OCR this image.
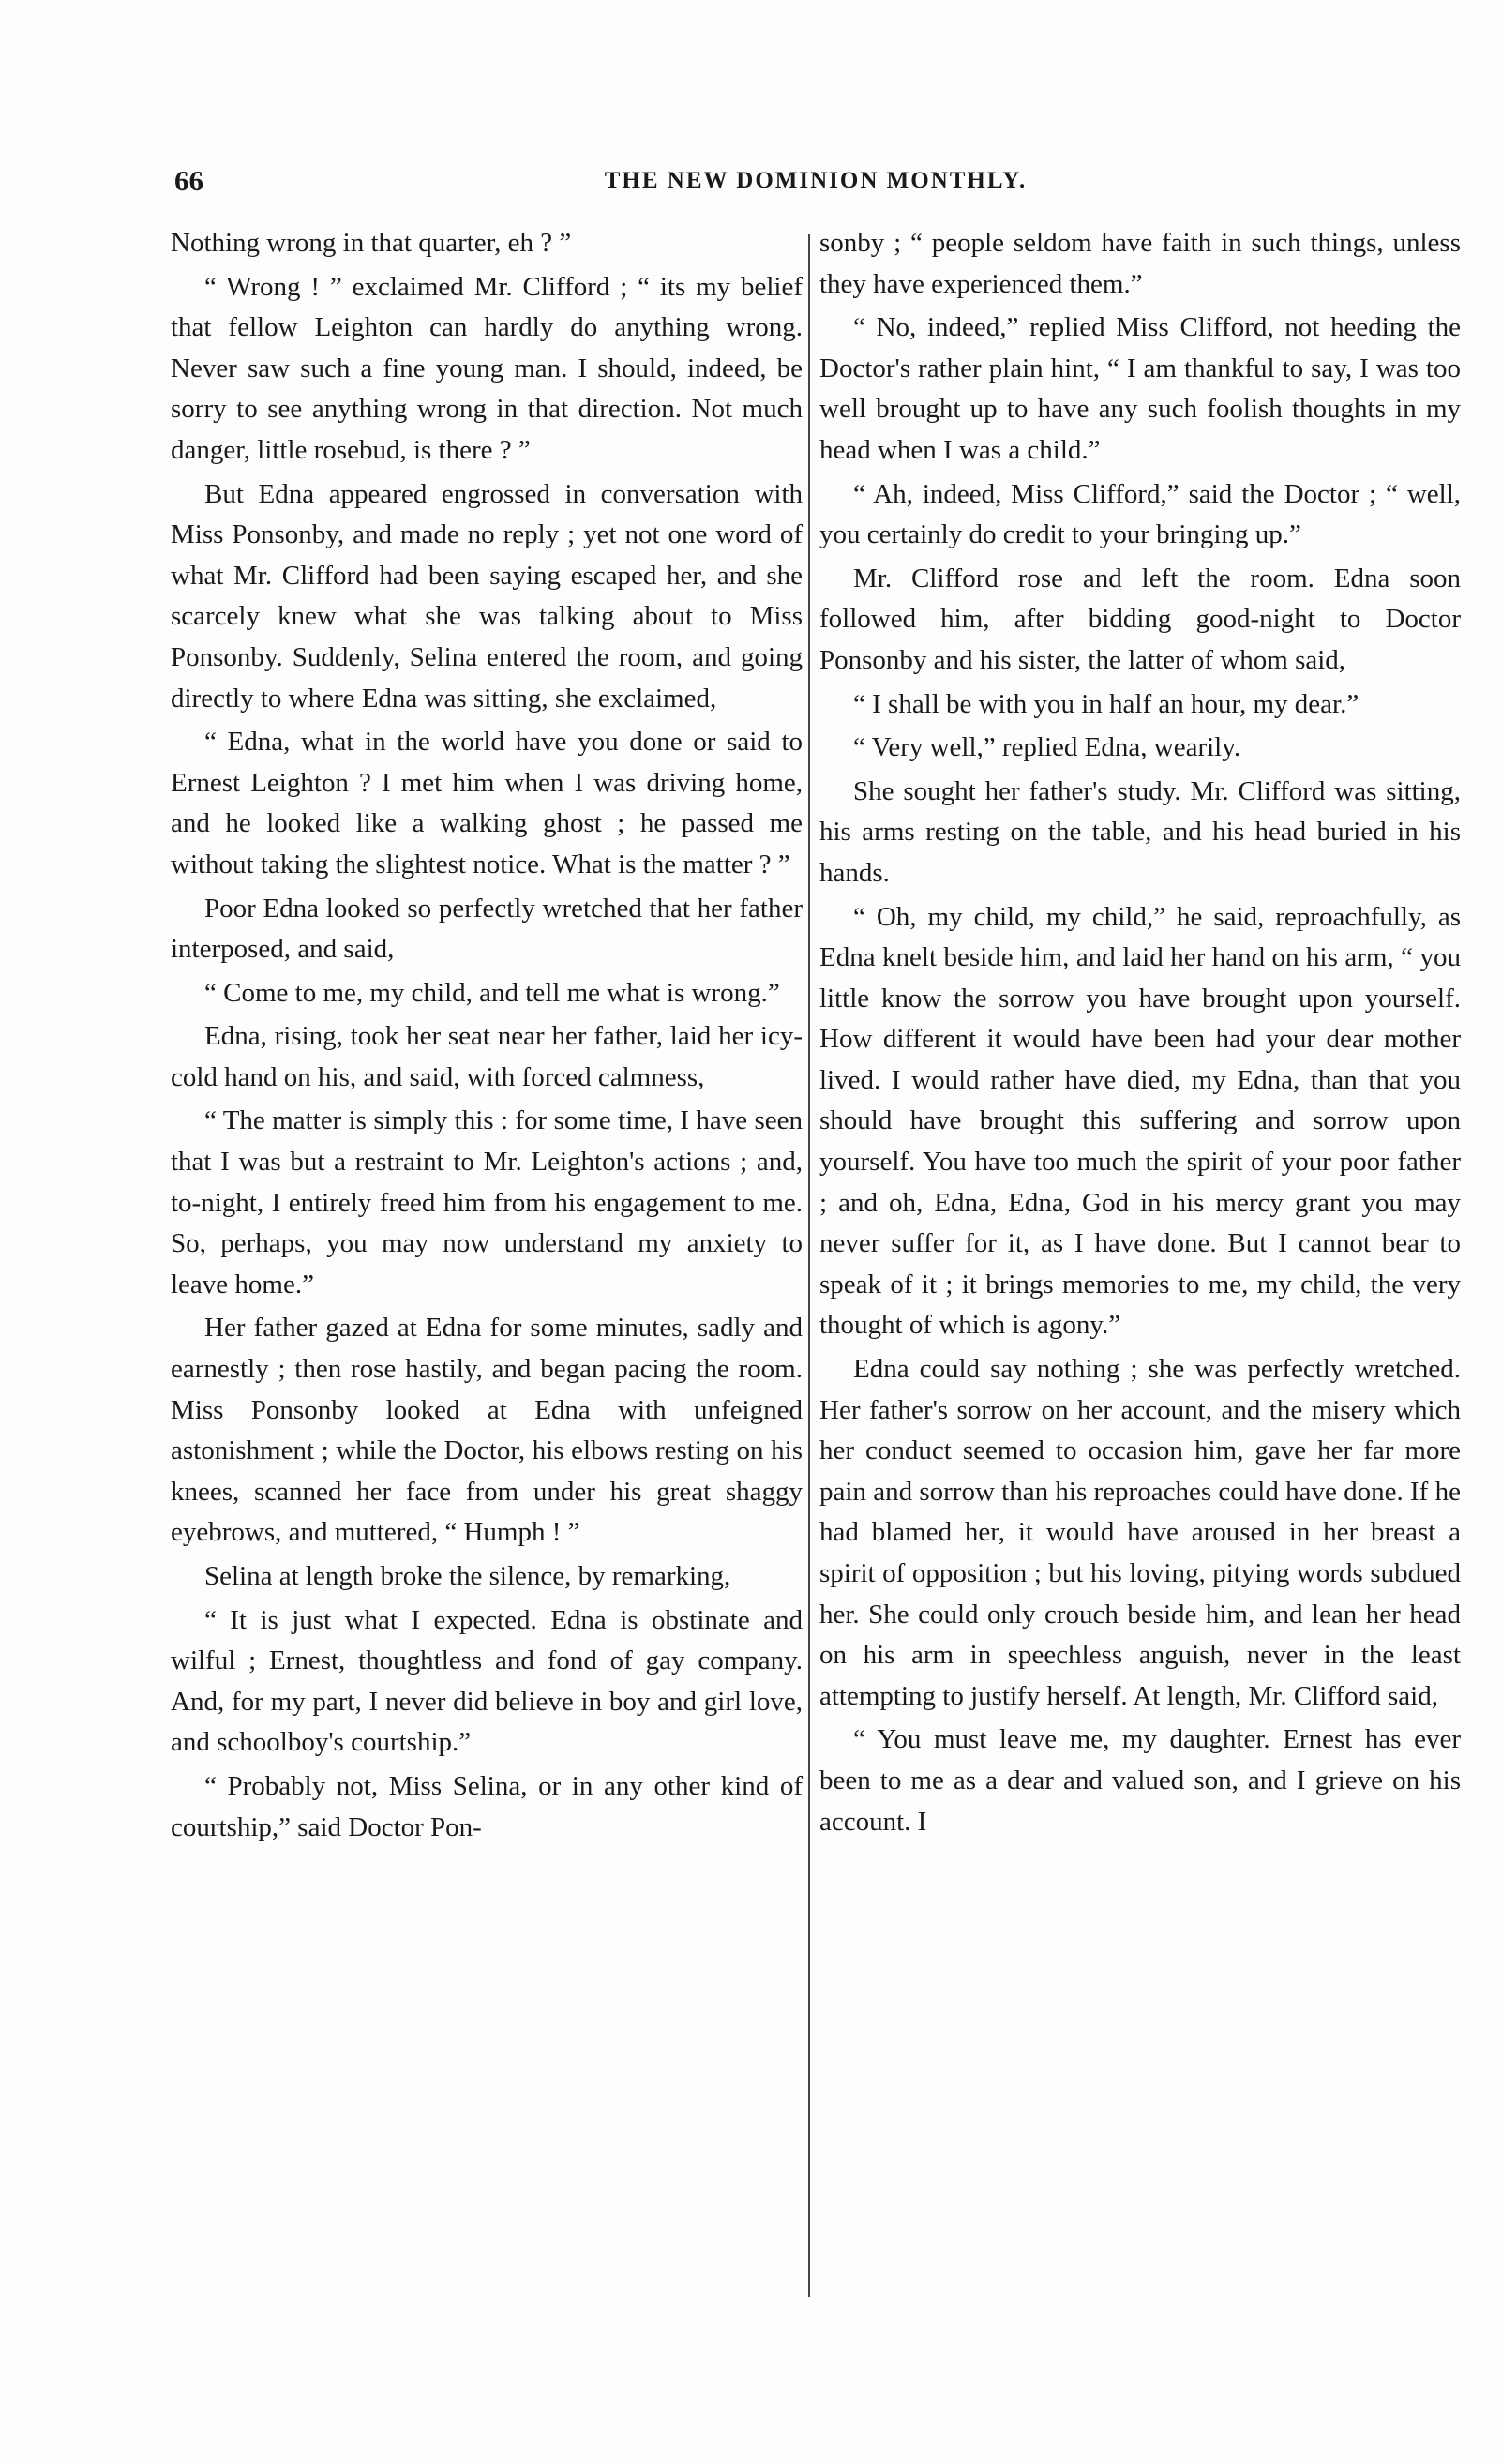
66	THE NEW DOMINION MONTHLY.

Nothing wrong in that quarter, eh ? ”

“ Wrong ! ” exclaimed Mr. Clifford ; “ its my belief that fellow Leighton can hardly do anything wrong. Never saw such a fine young man. I should, indeed, be sorry to see anything wrong in that direction. Not much danger, little rosebud, is there ? ”

But Edna appeared engrossed in conversation with Miss Ponsonby, and made no reply ; yet not one word of what Mr. Clifford had been saying escaped her, and she scarcely knew what she was talking about to Miss Ponsonby. Suddenly, Selina entered the room, and going directly to where Edna was sitting, she exclaimed,

“ Edna, what in the world have you done or said to Ernest Leighton ? I met him when I was driving home, and he looked like a walking ghost ; he passed me without taking the slightest notice. What is the matter ? ”

Poor Edna looked so perfectly wretched that her father interposed, and said,

“ Come to me, my child, and tell me what is wrong.”

Edna, rising, took her seat near her father, laid her icy-cold hand on his, and said, with forced calmness,

“ The matter is simply this : for some time, I have seen that I was but a restraint to Mr. Leighton's actions ; and, to-night, I entirely freed him from his engagement to me. So, perhaps, you may now understand my anxiety to leave home.”

Her father gazed at Edna for some minutes, sadly and earnestly ; then rose hastily, and began pacing the room. Miss Ponsonby looked at Edna with unfeigned astonishment ; while the Doctor, his elbows resting on his knees, scanned her face from under his great shaggy eyebrows, and muttered, “ Humph ! ”

Selina at length broke the silence, by remarking,

“ It is just what I expected. Edna is obstinate and wilful ; Ernest, thoughtless and fond of gay company. And, for my part, I never did believe in boy and girl love, and schoolboy's courtship.”

“ Probably not, Miss Selina, or in any other kind of courtship,” said Doctor Pon-

sonby ; “ people seldom have faith in such things, unless they have experienced them.”

“ No, indeed,” replied Miss Clifford, not heeding the Doctor's rather plain hint, “ I am thankful to say, I was too well brought up to have any such foolish thoughts in my head when I was a child.”

“ Ah, indeed, Miss Clifford,” said the Doctor ; “ well, you certainly do credit to your bringing up.”

Mr. Clifford rose and left the room. Edna soon followed him, after bidding good-night to Doctor Ponsonby and his sister, the latter of whom said,

“ I shall be with you in half an hour, my dear.”

“ Very well,” replied Edna, wearily.

She sought her father's study. Mr. Clifford was sitting, his arms resting on the table, and his head buried in his hands.

“ Oh, my child, my child,” he said, reproachfully, as Edna knelt beside him, and laid her hand on his arm, “ you little know the sorrow you have brought upon yourself. How different it would have been had your dear mother lived. I would rather have died, my Edna, than that you should have brought this suffering and sorrow upon yourself. You have too much the spirit of your poor father ; and oh, Edna, Edna, God in his mercy grant you may never suffer for it, as I have done. But I cannot bear to speak of it ; it brings memories to me, my child, the very thought of which is agony.”

Edna could say nothing ; she was perfectly wretched. Her father's sorrow on her account, and the misery which her conduct seemed to occasion him, gave her far more pain and sorrow than his reproaches could have done. If he had blamed her, it would have aroused in her breast a spirit of opposition ; but his loving, pitying words subdued her. She could only crouch beside him, and lean her head on his arm in speechless anguish, never in the least attempting to justify herself. At length, Mr. Clifford said,

“ You must leave me, my daughter. Ernest has ever been to me as a dear and valued son, and I grieve on his account. I
